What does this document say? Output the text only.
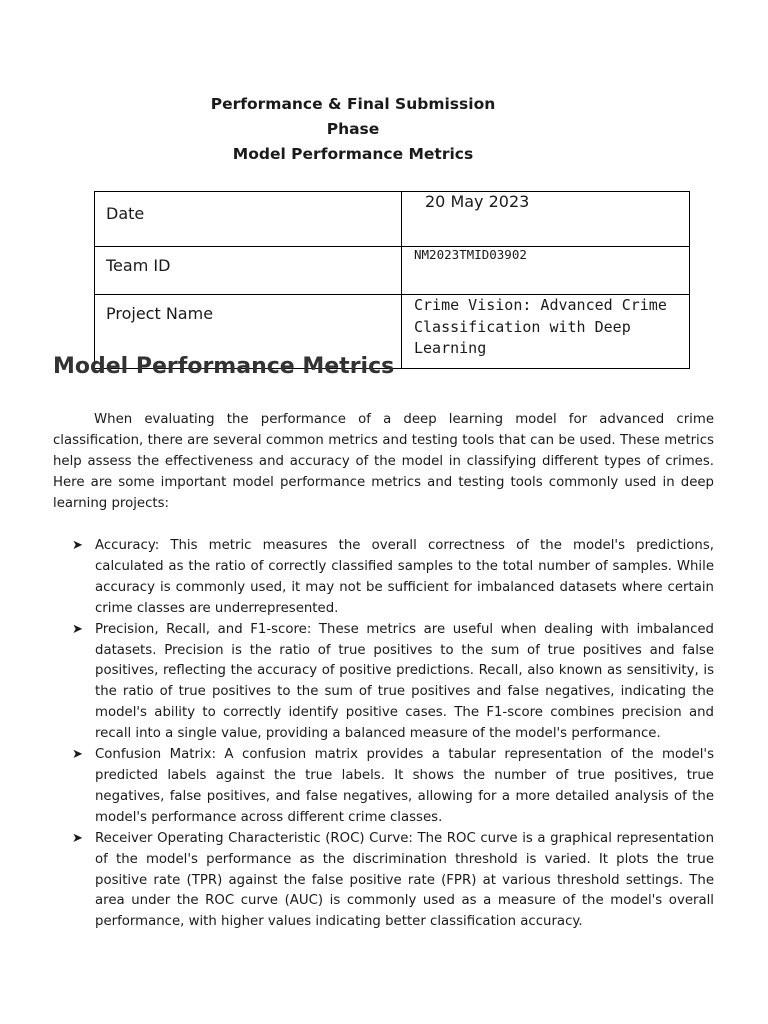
Performance & Final Submission
Phase
Model Performance Metrics
Date	20 May 2023
Team ID	NM2023TMID03902
Project Name	Crime Vision: Advanced Crime Classification with Deep Learning
Model Performance Metrics

When evaluating the performance of a deep learning model for advanced crime classification, there are several common metrics and testing tools that can be used. These metrics help assess the effectiveness and accuracy of the model in classifying different types of crimes. Here are some important model performance metrics and testing tools commonly used in deep learning projects:

➤ Accuracy: This metric measures the overall correctness of the model's predictions, calculated as the ratio of correctly classified samples to the total number of samples. While accuracy is commonly used, it may not be sufficient for imbalanced datasets where certain crime classes are underrepresented.
➤ Precision, Recall, and F1-score: These metrics are useful when dealing with imbalanced datasets. Precision is the ratio of true positives to the sum of true positives and false positives, reflecting the accuracy of positive predictions. Recall, also known as sensitivity, is the ratio of true positives to the sum of true positives and false negatives, indicating the model's ability to correctly identify positive cases. The F1-score combines precision and recall into a single value, providing a balanced measure of the model's performance.
➤ Confusion Matrix: A confusion matrix provides a tabular representation of the model's predicted labels against the true labels. It shows the number of true positives, true negatives, false positives, and false negatives, allowing for a more detailed analysis of the model's performance across different crime classes.
➤ Receiver Operating Characteristic (ROC) Curve: The ROC curve is a graphical representation of the model's performance as the discrimination threshold is varied. It plots the true positive rate (TPR) against the false positive rate (FPR) at various threshold settings. The area under the ROC curve (AUC) is commonly used as a measure of the model's overall performance, with higher values indicating better classification accuracy.
